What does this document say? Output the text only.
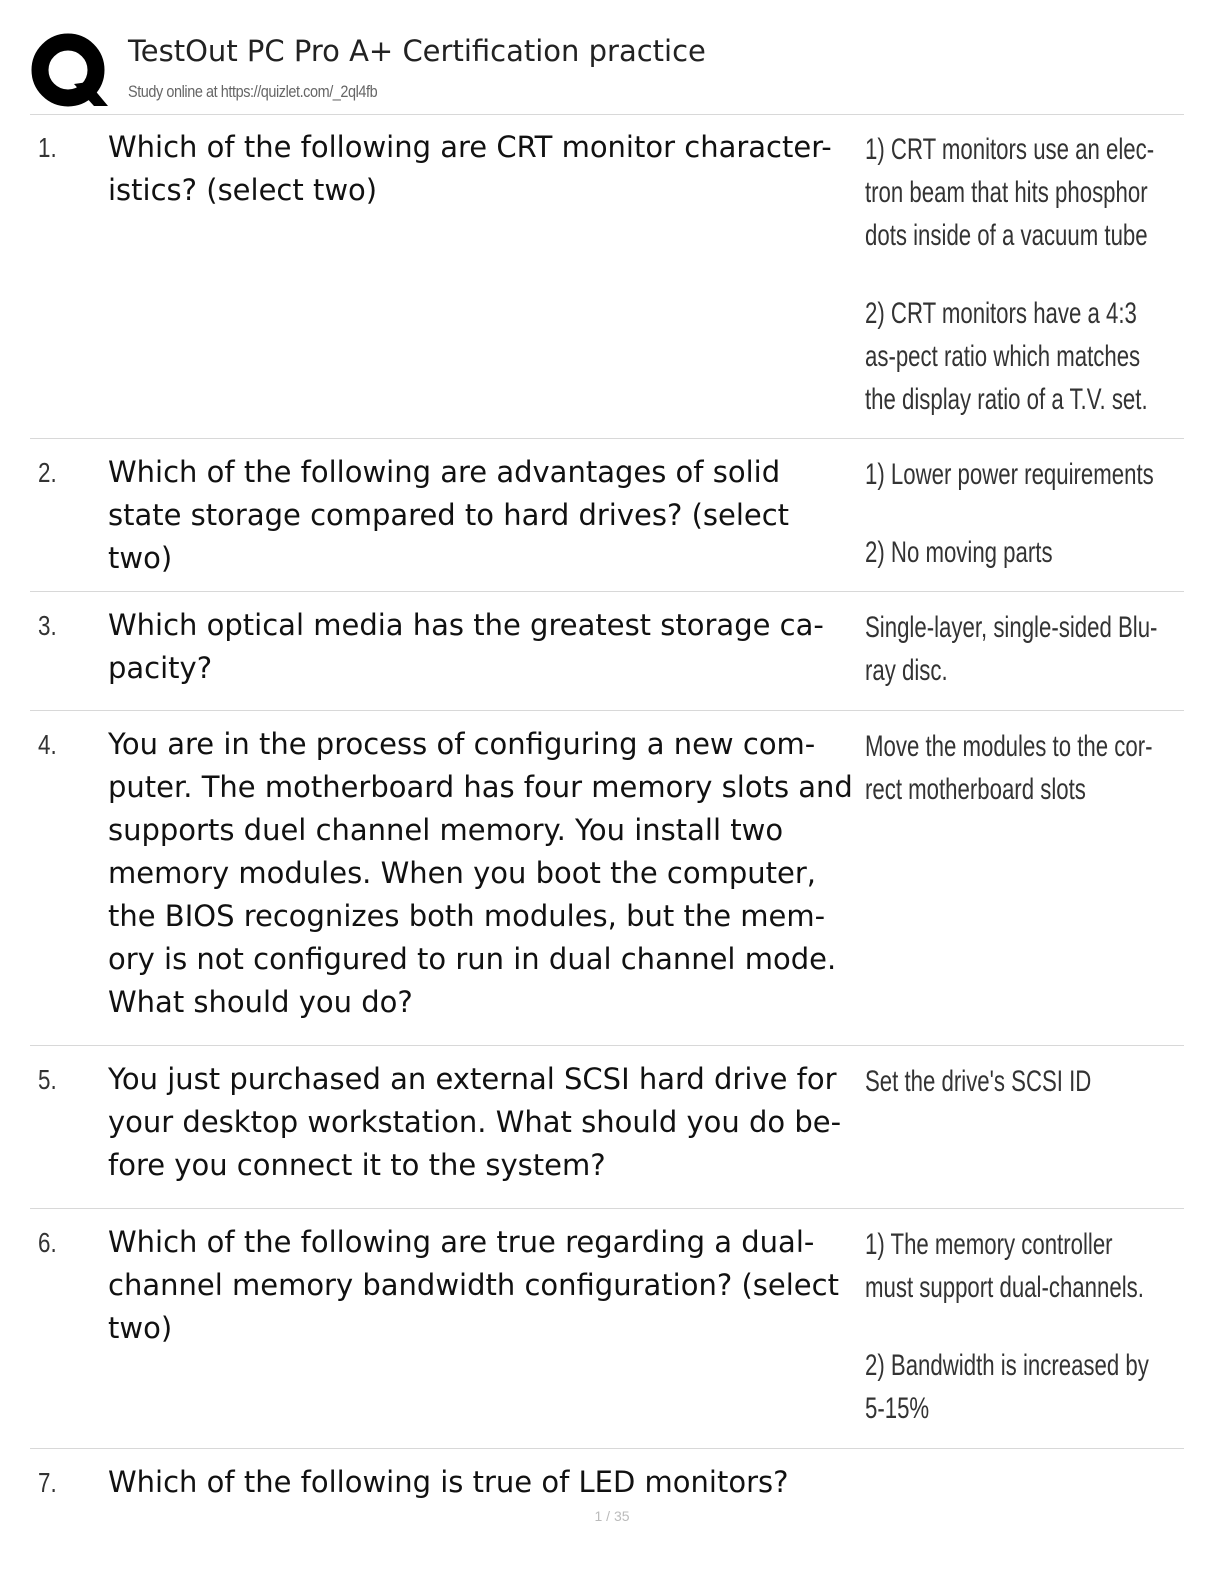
TestOut PC Pro A+ Certification practice
Study online at https://quizlet.com/_2ql4fb
1. Which of the following are CRT monitor character-istics? (select two)
1) CRT monitors use an elec-tron beam that hits phosphor dots inside of a vacuum tube
2) CRT monitors have a 4:3 as-pect ratio which matches the display ratio of a T.V. set.
2. Which of the following are advantages of solid state storage compared to hard drives? (select two)
1) Lower power requirements
2) No moving parts
3. Which optical media has the greatest storage ca-pacity?
Single-layer, single-sided Blu-ray disc.
4. You are in the process of configuring a new com-puter. The motherboard has four memory slots and supports duel channel memory. You install two memory modules. When you boot the computer, the BIOS recognizes both modules, but the mem-ory is not configured to run in dual channel mode. What should you do?
Move the modules to the cor-rect motherboard slots
5. You just purchased an external SCSI hard drive for your desktop workstation. What should you do be-fore you connect it to the system?
Set the drive's SCSI ID
6. Which of the following are true regarding a dual-channel memory bandwidth configuration? (select two)
1) The memory controller must support dual-channels.
2) Bandwidth is increased by 5-15%
7. Which of the following is true of LED monitors?
1 / 35
